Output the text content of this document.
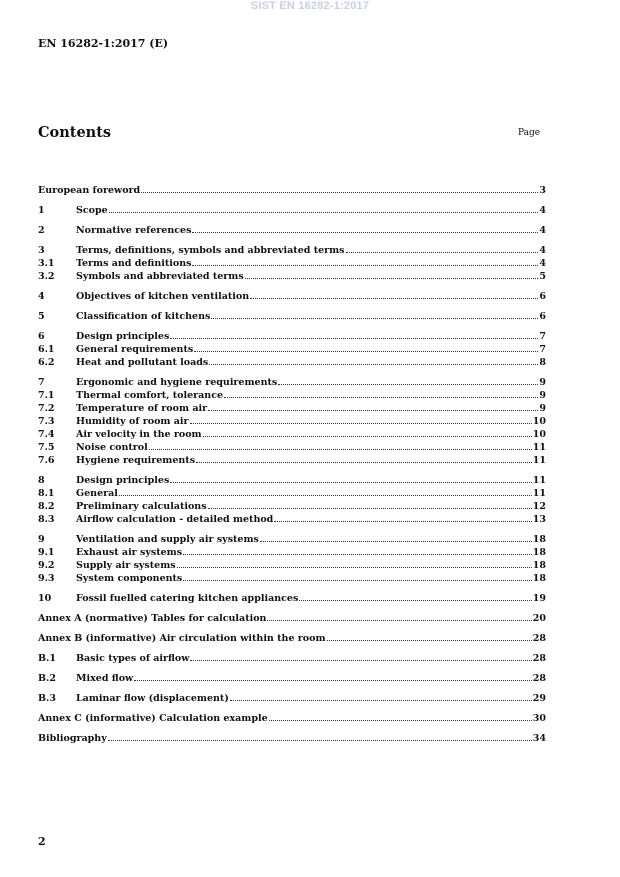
SIST EN 16282-1:2017
EN 16282-1:2017 (E)
Contents	Page
European foreword	3
1	Scope	4
2	Normative references	4
3	Terms, definitions, symbols and abbreviated terms	4
3.1	Terms and definitions	4
3.2	Symbols and abbreviated terms	5
4	Objectives of kitchen ventilation	6
5	Classification of kitchens	6
6	Design principles	7
6.1	General requirements	7
6.2	Heat and pollutant loads	8
7	Ergonomic and hygiene requirements	9
7.1	Thermal comfort, tolerance	9
7.2	Temperature of room air	9
7.3	Humidity of room air	10
7.4	Air velocity in the room	10
7.5	Noise control	11
7.6	Hygiene requirements	11
8	Design principles	11
8.1	General	11
8.2	Preliminary calculations	12
8.3	Airflow calculation - detailed method	13
9	Ventilation and supply air systems	18
9.1	Exhaust air systems	18
9.2	Supply air systems	18
9.3	System components	18
10	Fossil fuelled catering kitchen appliances	19
Annex A (normative) Tables for calculation	20
Annex B (informative) Air circulation within the room	28
B.1	Basic types of airflow	28
B.2	Mixed flow	28
B.3	Laminar flow (displacement)	29
Annex C (informative) Calculation example	30
Bibliography	34
2
